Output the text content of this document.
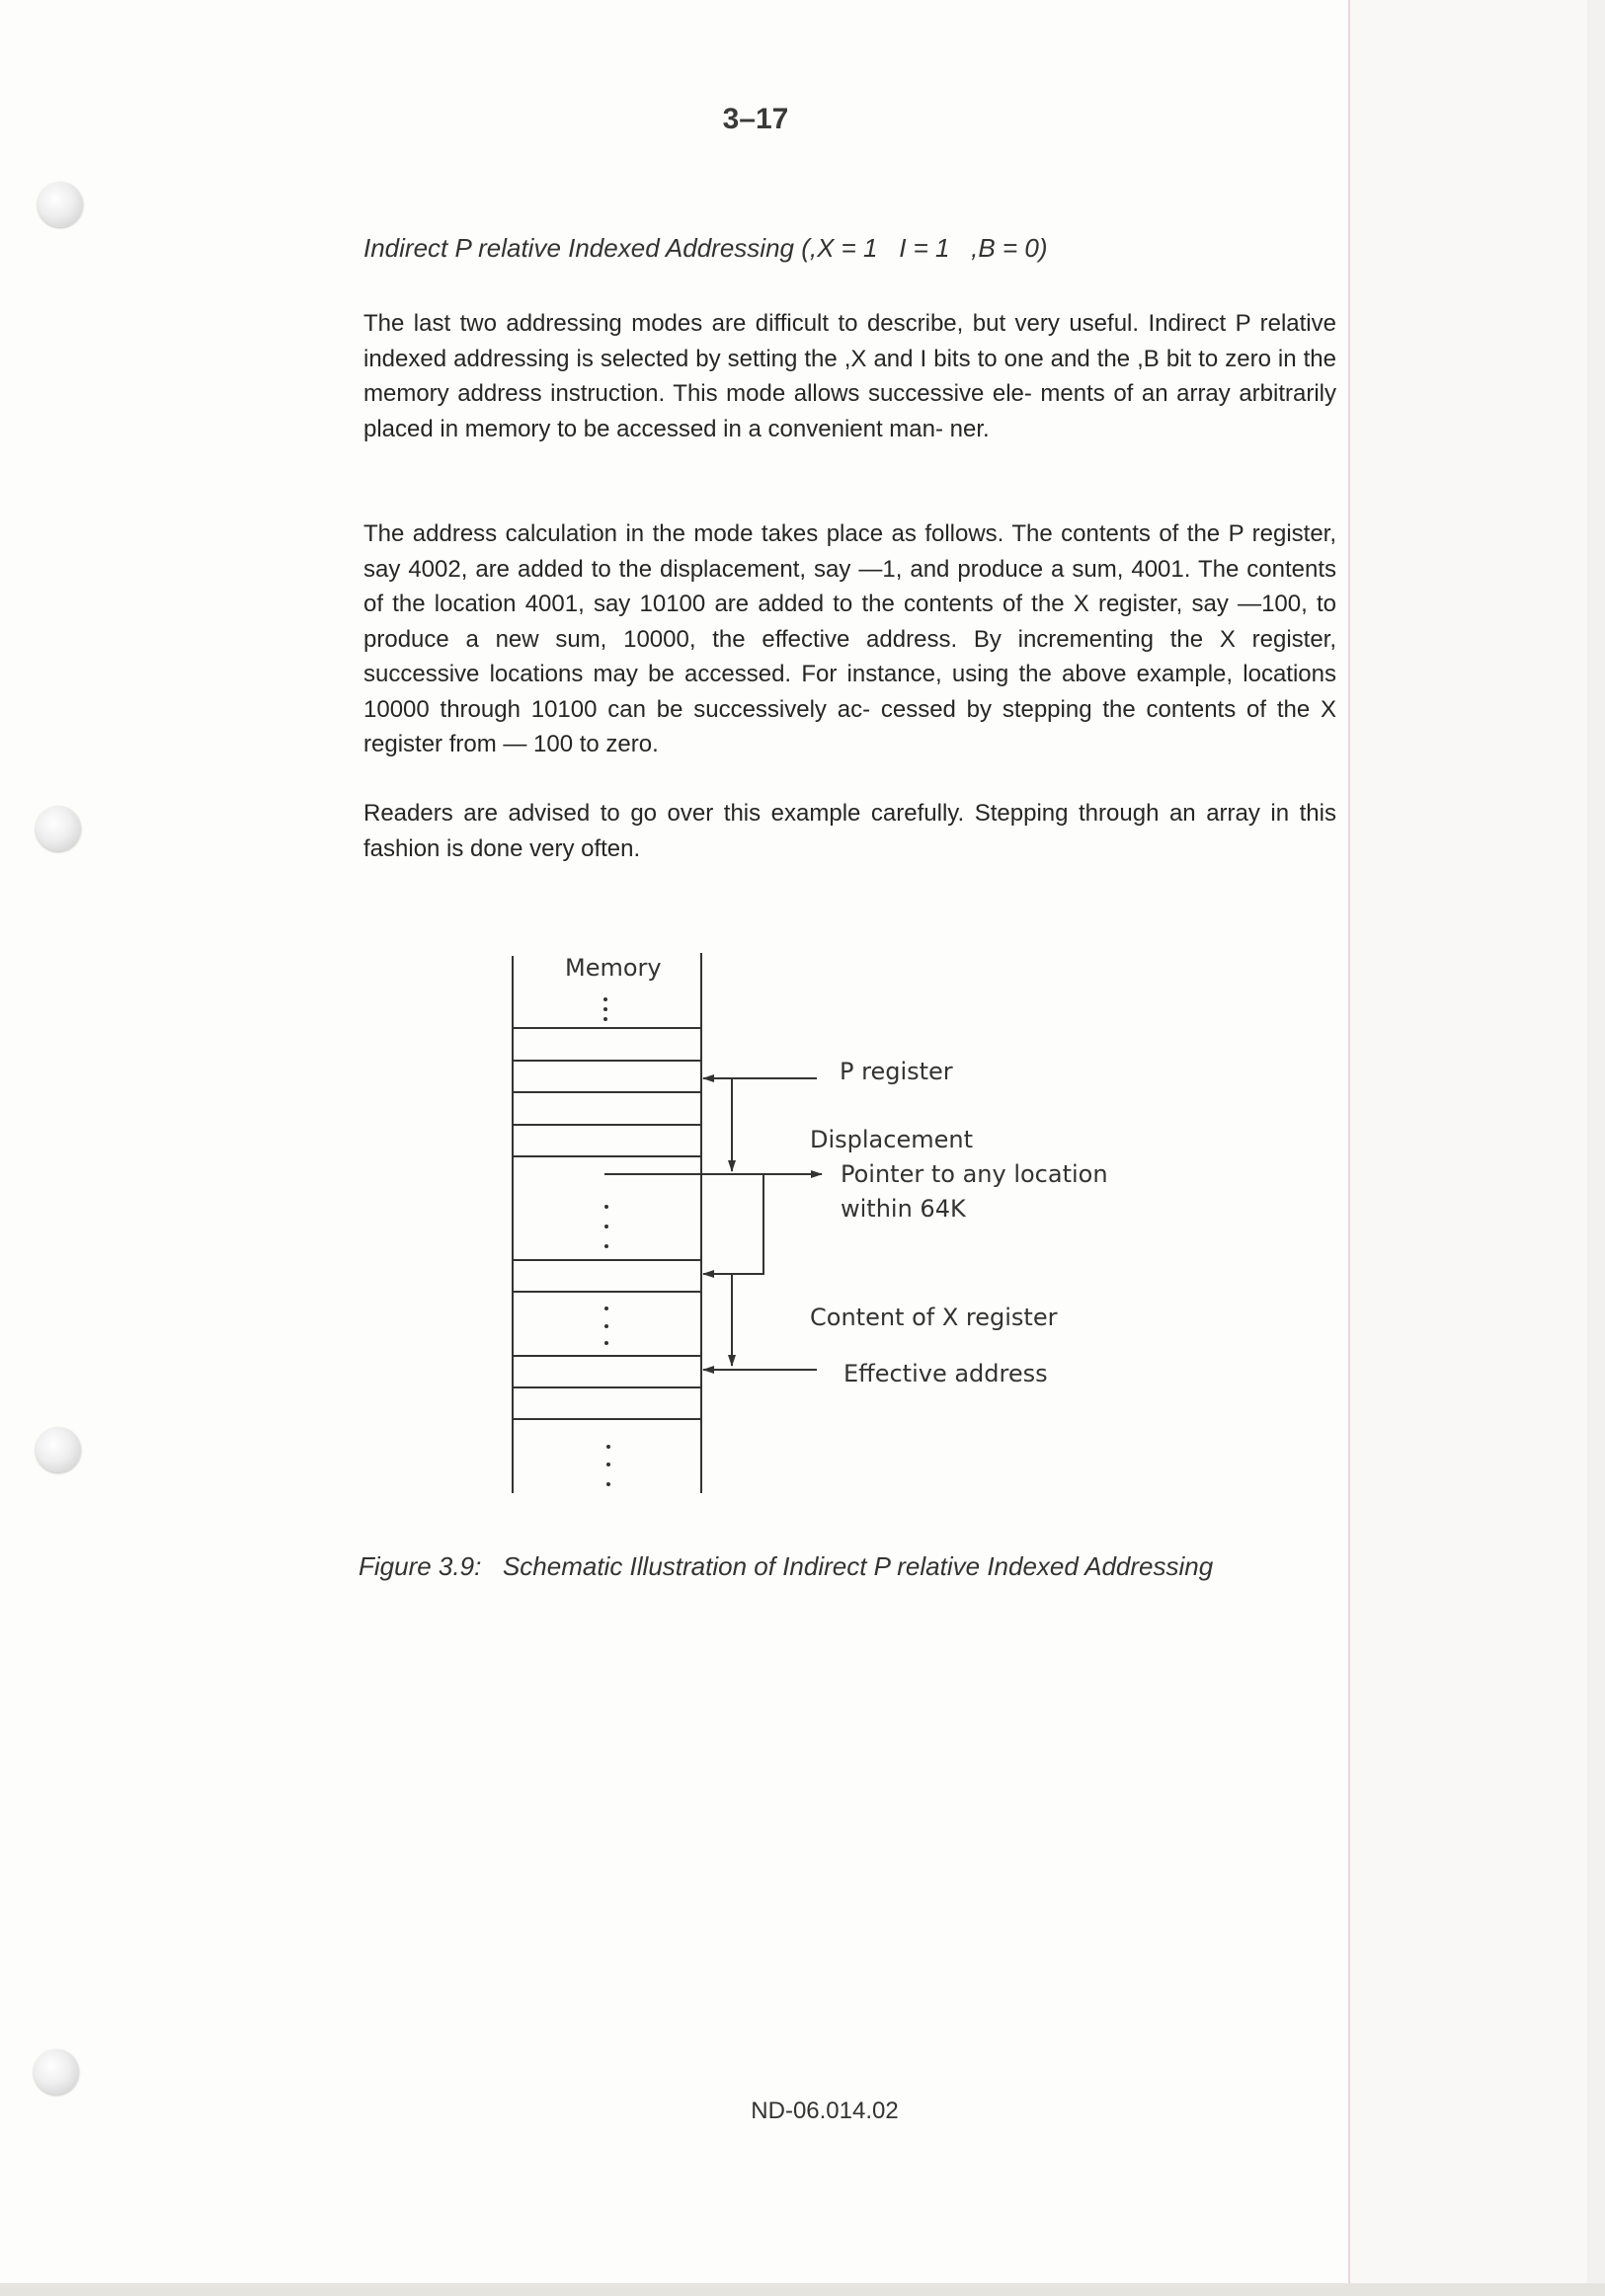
3–17
Indirect P relative Indexed Addressing (,X = 1   I = 1   ,B = 0)

The last two addressing modes are difficult to describe, but very useful. Indirect P relative indexed addressing is selected by setting the ,X and I bits to one and the ,B bit to zero in the memory address instruction. This mode allows successive ele- ments of an array arbitrarily placed in memory to be accessed in a convenient man- ner.

The address calculation in the mode takes place as follows. The contents of the P register, say 4002, are added to the displacement, say —1, and produce a sum, 4001. The contents of the location 4001, say 10100 are added to the contents of the X register, say —100, to produce a new sum, 10000, the effective address. By incrementing the X register, successive locations may be accessed. For instance, using the above example, locations 10000 through 10100 can be successively ac- cessed by stepping the contents of the X register from — 100 to zero.

Readers are advised to go over this example carefully. Stepping through an array in this fashion is done very often.

Memory
P register
Displacement
Pointer to any location
within 64K
Content of X register
Effective address
Figure 3.9:   Schematic Illustration of Indirect P relative Indexed Addressing
ND-06.014.02
